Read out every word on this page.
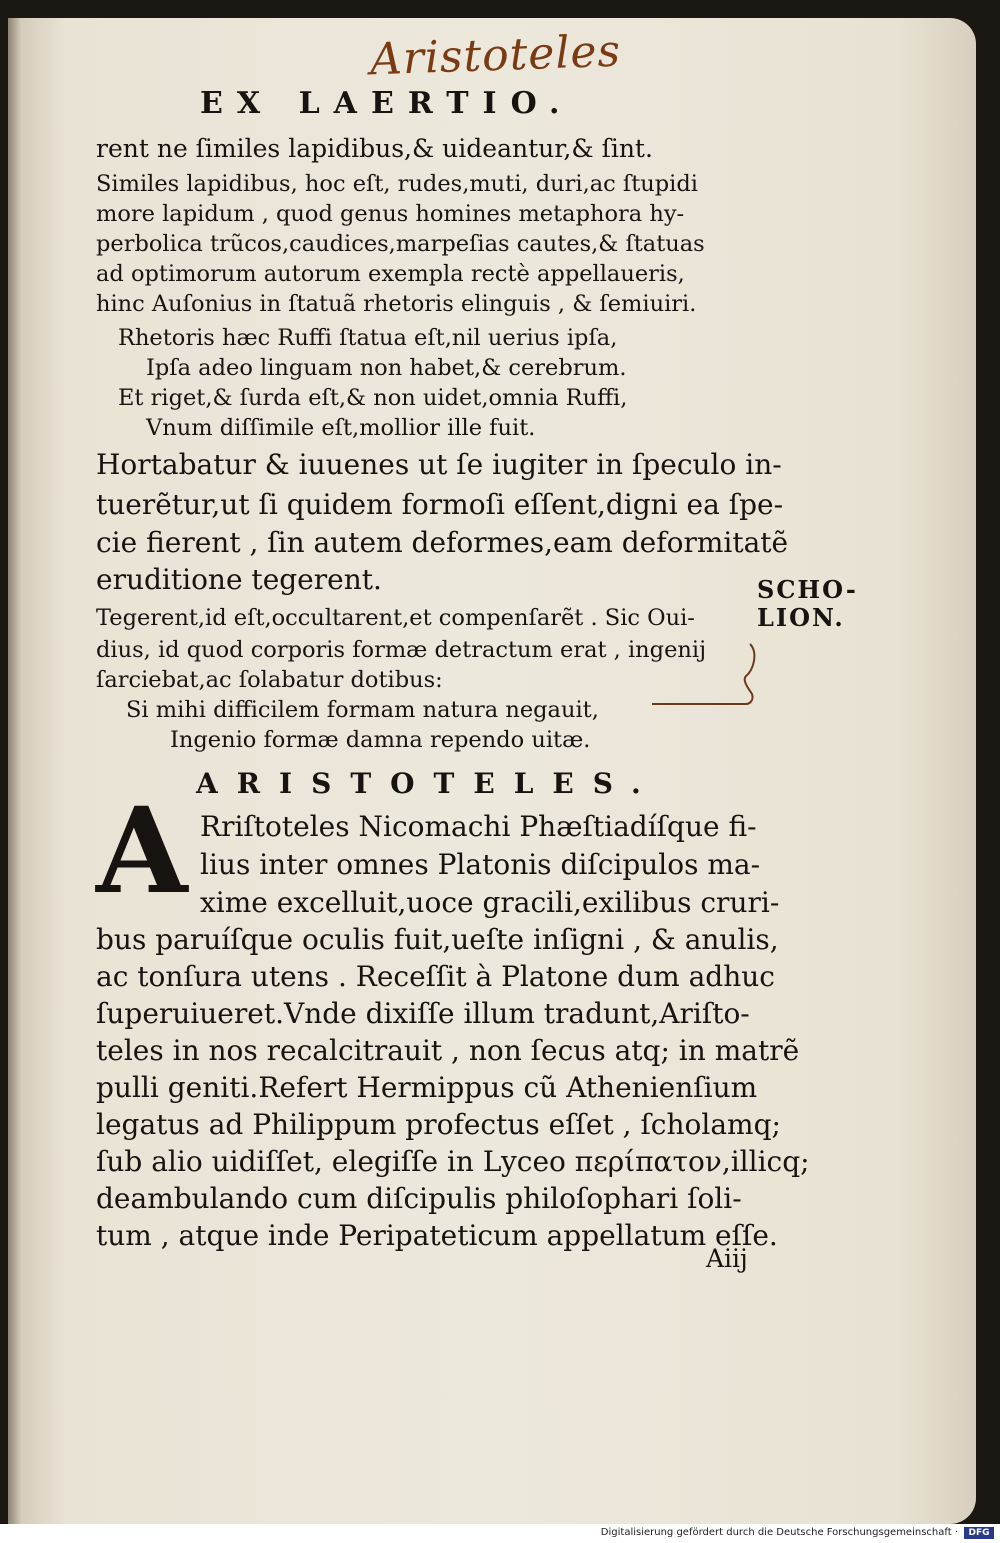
Aristoteles
EX LAERTIO.
rent ne ſimiles lapidibus,& uideantur,& ſint.
Similes lapidibus, hoc eſt, rudes,muti, duri,ac ſtupidi
more lapidum , quod genus homines metaphora hy-
perbolica trũcos,caudices,marpeſias cautes,& ſtatuas
ad optimorum autorum exempla rectè appellaueris,
hinc Auſonius in ſtatuã rhetoris elinguis , & ſemiuiri.
Rhetoris hæc Ruffi ſtatua eſt,nil uerius ipſa,
Ipſa adeo linguam non habet,& cerebrum.
Et riget,& ſurda eſt,& non uidet,omnia Ruffi,
Vnum diſſimile eſt,mollior ille fuit.
Hortabatur & iuuenes ut ſe iugiter in ſpeculo in-
tuerẽtur,ut ſi quidem formoſi eſſent,digni ea ſpe-
cie fierent , ſin autem deformes,eam deformitatẽ
eruditione tegerent.	SCHO-
LION.
Tegerent,id eſt,occultarent,et compenſarẽt . Sic Oui-
dius, id quod corporis formæ detractum erat , ingenij
ſarciebat,ac ſolabatur dotibus:
Si mihi difficilem formam natura negauit,
Ingenio formæ damna rependo uitæ.
ARISTOTELES.
A Rriſtoteles Nicomachi Phæſtiadíſque fi-
lius inter omnes Platonis diſcipulos ma-
xime excelluit,uoce gracili,exilibus cruri-
bus paruíſque oculis fuit,ueſte inſigni , & anulis,
ac tonſura utens . Receſſit à Platone dum adhuc
ſuperuiueret.Vnde dixiſſe illum tradunt,Ariſto-
teles in nos recalcitrauit , non ſecus atq; in matrẽ
pulli geniti.Refert Hermippus cũ Athenienſium
legatus ad Philippum profectus eſſet , ſcholamq;
ſub alio uidiſſet, elegiſſe in Lyceo περίπατον,illicq;
deambulando cum diſcipulis philoſophari ſoli-
tum , atque inde Peripateticum appellatum eſſe.
Aiij
Digitalisierung gefördert durch die Deutsche Forschungsgemeinschaft ·	DFG
